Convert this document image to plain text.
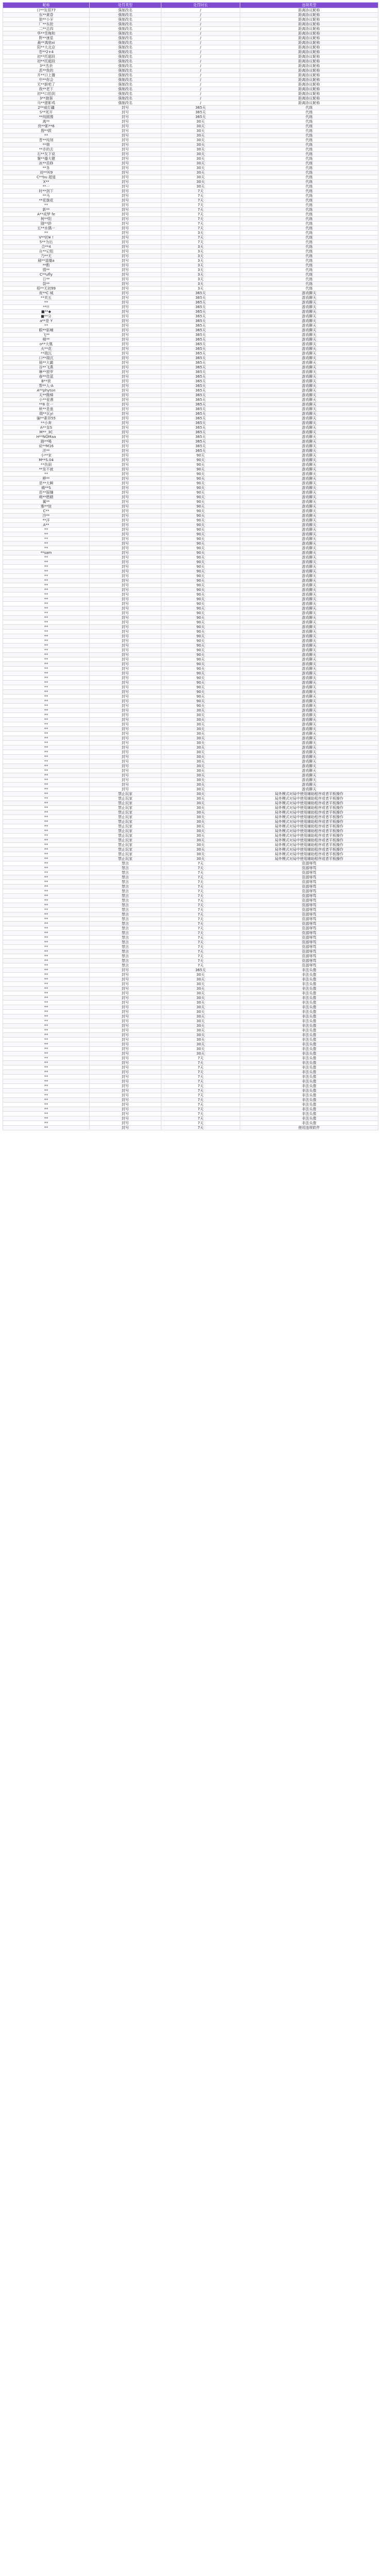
昵称	处罚类型	处罚时长	违规类型
口**发哥77	强制改名	/	距离协议昵称
东**黄昏	强制改名	/	距离协议昵称
狼**小牙	强制改名	/	距离协议昵称
厂**东抢	强制改名	/	距离协议昵称
二**总四	强制改名	/	距离协议昵称
华**雪梅和	强制改名	/	距离协议昵称
野**康星	强制改名	/	距离协议昵称
最**离格xi	强制改名	/	距离协议昵称
阳**大北京	强制改名	/	距离协议昵称
苍**2+4	强制改名	/	距离协议昵称
初**托超段	强制改名	/	距离协议昵称
初**托超段	强制改名	/	距离协议昵称
3**杰余	强制改名	/	距离协议昵称
恶**我的	强制改名	/	距离协议昵称
开**口上播	强制改名	/	距离协议昵称
中**你会	强制改名	/	距离协议昵称
无**新吧了	强制改名	/	距离协议昵称
我**老下	强制改名	/	距离协议昵称
初**口拍到	强制改名	/	距离协议昵称
3**渡强	强制改名	/	距离协议昵称
马**猪影鸡	强制改名	/	距离协议昵称
2**威灯疆	封号	365天	代练
S**死开	封号	365天	代练
**纯圆豫	封号	365天	代练
离**	封号	30天	代练
侠**影**6	封号	30天	代练
搜**跋	封号	30天	代练
**	封号	30天	代练
晋**纯刻	封号	30天	代练
**鼎	封号	30天	代练
**亦的去	封号	30天	代练
石**友下说	封号	30天	代练
餐**播大健	封号	30天	代练
冰**苗修	封号	30天	代练
**各	封号	30天	代练
刘**叫9	封号	30天	代练
C**bu 超道	封号	30天	代练
X**	封号	30天	代练
**一	封号	30天	代练
时**剑下	封号	7天	代练
**马	封号	7天	代练
**花旗花	封号	7天	代练
**	封号	7天	代练
新**	封号	7天	代练
A**成梦 fe	封号	7天	代练
树**阳	封号	7天	代练
随**龄	封号	7天	代练
五**水偶一	封号	7天	代练
**	封号	3天	代练
V**的¥ !	封号	7天	代练
5**为出	封号	7天	代练
合**4	封号	3天	代练
自**记组	封号	3天	代练
乃**无	封号	3天	代练
刷**道播a	封号	3天	代练
**酌	封号	3天	代练
情**	封号	3天	代练
C**ufly	封号	3天	代练
日**	封号	3天	代练
裂**	封号	3天	代练
梧**无初99	封号	3天	代练
夜**C 城	封号	365天	游戏聊天
**欢五	封号	365天	游戏聊天
**	封号	365天	游戏聊天
**!!	封号	365天	游戏聊天
■**◆	封号	365天	游戏聊天
■**分	封号	365天	游戏聊天
a**是 Y	封号	365天	游戏聊天
**	封号	365天	游戏聊天
眼**驱哺	封号	365天	游戏聊天
飞**	封号	365天	游戏聊天
梯**	封号	365天	游戏聊天
o**大凰	封号	365天	游戏聊天
火**花	封号	365天	游戏聊天
**瑞沉	封号	365天	游戏聊天
口**瑞沉	封号	365天	游戏聊天
骑**大霸	封号	365天	游戏聊天
谷**飞燕	封号	365天	游戏聊天
琳**窗罗	封号	365天	游戏聊天
春**佳蓝	封号	365天	游戏聊天
B**狱	封号	365天	游戏聊天
帮**人-A	封号	365天	游戏聊天
A**phyton	封号	365天	游戏聊天
天**微梯	封号	365天	游戏聊天
小**爱遇	封号	365天	游戏聊天
**8 在一	封号	365天	游戏聊天
秋**是蛊	封号	365天	游戏聊天
瑞**瓦yi	封号	365天	游戏聊天
骗**素昂55	封号	365天	游戏聊天
**小奔	封号	365天	游戏聊天
A**皇S	封号	365天	游戏聊天
M**_3C	封号	365天	游戏聊天
H**NOMaa	封号	365天	游戏聊天
路**喝	封号	365天	游戏聊天
说**M16	封号	365天	游戏聊天
洋**	封号	365天	游戏聊天
小**家	封号	90天	游戏聊天
M**S.04	封号	90天	游戏聊天
**伤洞	封号	90天	游戏聊天
**发不就	封号	90天	游戏聊天
**	封号	90天	游戏聊天
桦**	封号	90天	游戏聊天
是**大瞬	封号	90天	游戏聊天
痛**S	封号	90天	游戏聊天
苗**服嫌	封号	90天	游戏聊天
萌**燃睛	封号	90天	游戏聊天
翼**	封号	90天	游戏聊天
雅**惊	封号	90天	游戏聊天
C**	封号	90天	游戏聊天
冷**	封号	90天	游戏聊天
**洋	封号	90天	游戏聊天
A**	封号	90天	游戏聊天
**	封号	90天	游戏聊天
**	封号	90天	游戏聊天
**	封号	90天	游戏聊天
**	封号	90天	游戏聊天
**	封号	90天	游戏聊天
**sam	封号	90天	游戏聊天
**	封号	90天	游戏聊天
**	封号	90天	游戏聊天
**	封号	90天	游戏聊天
**	封号	90天	游戏聊天
**	封号	90天	游戏聊天
**	封号	90天	游戏聊天
**	封号	90天	游戏聊天
**	封号	90天	游戏聊天
**	封号	90天	游戏聊天
**	封号	90天	游戏聊天
**	封号	90天	游戏聊天
**	封号	90天	游戏聊天
**	封号	90天	游戏聊天
**	封号	90天	游戏聊天
**	封号	90天	游戏聊天
**	封号	90天	游戏聊天
**	封号	90天	游戏聊天
**	封号	90天	游戏聊天
**	封号	90天	游戏聊天
**	封号	90天	游戏聊天
**	封号	90天	游戏聊天
**	封号	90天	游戏聊天
**	封号	90天	游戏聊天
**	封号	90天	游戏聊天
**	封号	90天	游戏聊天
**	封号	90天	游戏聊天
**	封号	90天	游戏聊天
**	封号	90天	游戏聊天
**	封号	90天	游戏聊天
**	封号	90天	游戏聊天
**	封号	90天	游戏聊天
**	封号	90天	游戏聊天
**	封号	90天	游戏聊天
**	封号	30天	游戏聊天
**	封号	30天	游戏聊天
**	封号	30天	游戏聊天
**	封号	30天	游戏聊天
**	封号	30天	游戏聊天
**	封号	30天	游戏聊天
**	封号	30天	游戏聊天
**	封号	30天	游戏聊天
**	封号	30天	游戏聊天
**	封号	30天	游戏聊天
**	封号	30天	游戏聊天
**	封号	30天	游戏聊天
**	封号	30天	游戏聊天
**	封号	30天	游戏聊天
**	封号	30天	游戏聊天
**	封号	30天	游戏聊天
**	封号	30天	游戏聊天
**	封号	30天	游戏聊天
**	禁止玩家	30天	局外模式对局中使用辅助程序或者平板操作
**	禁止玩家	30天	局外模式对局中使用辅助程序或者平板操作
**	禁止玩家	30天	局外模式对局中使用辅助程序或者平板操作
**	禁止玩家	30天	局外模式对局中使用辅助程序或者平板操作
**	禁止玩家	30天	局外模式对局中使用辅助程序或者平板操作
**	禁止玩家	30天	局外模式对局中使用辅助程序或者平板操作
**	禁止玩家	30天	局外模式对局中使用辅助程序或者平板操作
**	禁止玩家	30天	局外模式对局中使用辅助程序或者平板操作
**	禁止玩家	30天	局外模式对局中使用辅助程序或者平板操作
**	禁止玩家	30天	局外模式对局中使用辅助程序或者平板操作
**	禁止玩家	30天	局外模式对局中使用辅助程序或者平板操作
**	禁止玩家	30天	局外模式对局中使用辅助程序或者平板操作
**	禁止玩家	30天	局外模式对局中使用辅助程序或者平板操作
**	禁止玩家	30天	局外模式对局中使用辅助程序或者平板操作
**	禁止玩家	30天	局外模式对局中使用辅助程序或者平板操作
**	禁言	7天	资源辱骂
**	禁言	7天	资源辱骂
**	禁言	7天	资源辱骂
**	禁言	7天	资源辱骂
**	禁言	7天	资源辱骂
**	禁言	7天	资源辱骂
**	禁言	7天	资源辱骂
**	禁言	7天	资源辱骂
**	禁言	7天	资源辱骂
**	禁言	7天	资源辱骂
**	禁言	7天	资源辱骂
**	禁言	7天	资源辱骂
**	禁言	7天	资源辱骂
**	禁言	7天	资源辱骂
**	禁言	7天	资源辱骂
**	禁言	7天	资源辱骂
**	禁言	7天	资源辱骂
**	禁言	7天	资源辱骂
**	禁言	7天	资源辱骂
**	禁言	7天	资源辱骂
**	禁言	7天	资源辱骂
**	禁言	7天	资源辱骂
**	禁言	7天	资源辱骂
**	封号	365天	非法头像
**	封号	30天	非法头像
**	封号	30天	非法头像
**	封号	30天	非法头像
**	封号	30天	非法头像
**	封号	30天	非法头像
**	封号	30天	非法头像
**	封号	30天	非法头像
**	封号	30天	非法头像
**	封号	30天	非法头像
**	封号	30天	非法头像
**	封号	30天	非法头像
**	封号	30天	非法头像
**	封号	30天	非法头像
**	封号	30天	非法头像
**	封号	30天	非法头像
**	封号	30天	非法头像
**	封号	30天	非法头像
**	封号	30天	非法头像
**	封号	7天	非法头像
**	封号	7天	非法头像
**	封号	7天	非法头像
**	封号	7天	非法头像
**	封号	7天	非法头像
**	封号	7天	非法头像
**	封号	7天	非法头像
**	封号	7天	非法头像
**	封号	7天	非法头像
**	封号	7天	非法头像
**	封号	7天	非法头像
**	封号	7天	非法头像
**	封号	7天	非法头像
**	封号	7天	非法头像
**	封号	7天	非法头像
**	封号	7天	使用违规软件
